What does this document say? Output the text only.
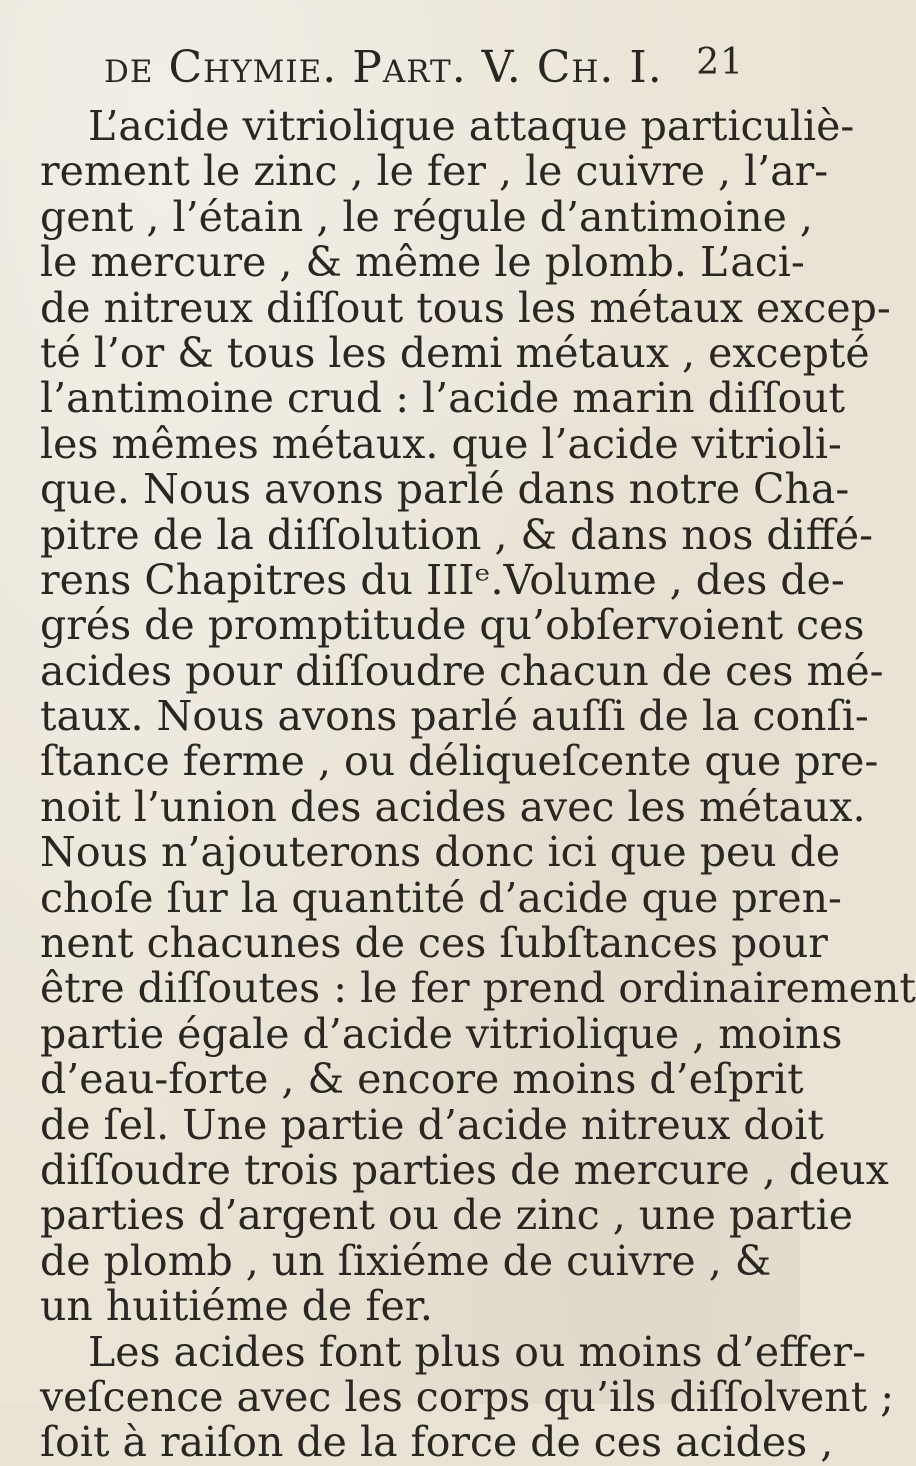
de Chymie. Part. V. Ch. I. 21
L’acide vitriolique attaque particuliè-
rement le zinc , le fer , le cuivre , l’ar-
gent , l’étain , le régule d’antimoine ,
le mercure , & même le plomb. L’aci-
de nitreux diſſout tous les métaux excep-
té l’or & tous les demi métaux , excepté
l’antimoine crud : l’acide marin diſſout
les mêmes métaux. que l’acide vitrioli-
que. Nous avons parlé dans notre Cha-
pitre de la diſſolution , & dans nos diffé-
rens Chapitres du IIIᵉ.Volume , des de-
grés de promptitude qu’obſervoient ces
acides pour diſſoudre chacun de ces mé-
taux. Nous avons parlé auſſi de la conſi-
ſtance ferme , ou déliqueſcente que pre-
noit l’union des acides avec les métaux.
Nous n’ajouterons donc ici que peu de
choſe ſur la quantité d’acide que pren-
nent chacunes de ces ſubſtances pour
être diſſoutes : le fer prend ordinairement
partie égale d’acide vitriolique , moins
d’eau-forte , & encore moins d’eſprit
de ſel. Une partie d’acide nitreux doit
diſſoudre trois parties de mercure , deux
parties d’argent ou de zinc , une partie
de plomb , un ſixiéme de cuivre , &
un huitiéme de fer.
Les acides font plus ou moins d’effer-
veſcence avec les corps qu’ils diſſolvent ;
ſoit à raiſon de la force de ces acides ,
